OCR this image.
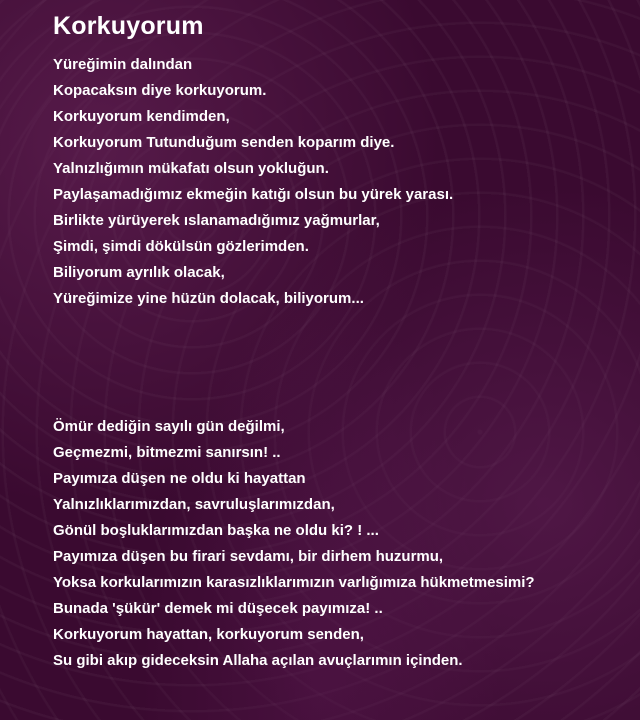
Korkuyorum
Yüreğimin dalından
Kopacaksın diye korkuyorum.
Korkuyorum kendimden,
Korkuyorum Tutunduğum senden koparım diye.
Yalnızlığımın mükafatı olsun yokluğun.
Paylaşamadığımız ekmeğin katığı olsun bu yürek yarası.
Birlikte yürüyerek ıslanamadığımız yağmurlar,
Şimdi, şimdi dökülsün gözlerimden.
Biliyorum ayrılık olacak,
Yüreğimize yine hüzün dolacak, biliyorum...
Ömür dediğin sayılı gün değilmi,
Geçmezmi, bitmezmi sanırsın! ..
Payımıza düşen ne oldu ki hayattan
Yalnızlıklarımızdan, savruluşlarımızdan,
Gönül boşluklarımızdan başka ne oldu ki? ! ...
Payımıza düşen bu firari sevdamı, bir dirhem huzurmu,
Yoksa korkularımızın karasızlıklarımızın varlığımıza hükmetmesimi?
Bunada 'şükür' demek mi düşecek payımıza! ..
Korkuyorum hayattan, korkuyorum senden,
Su gibi akıp gideceksin Allaha açılan avuçlarımın içinden.
